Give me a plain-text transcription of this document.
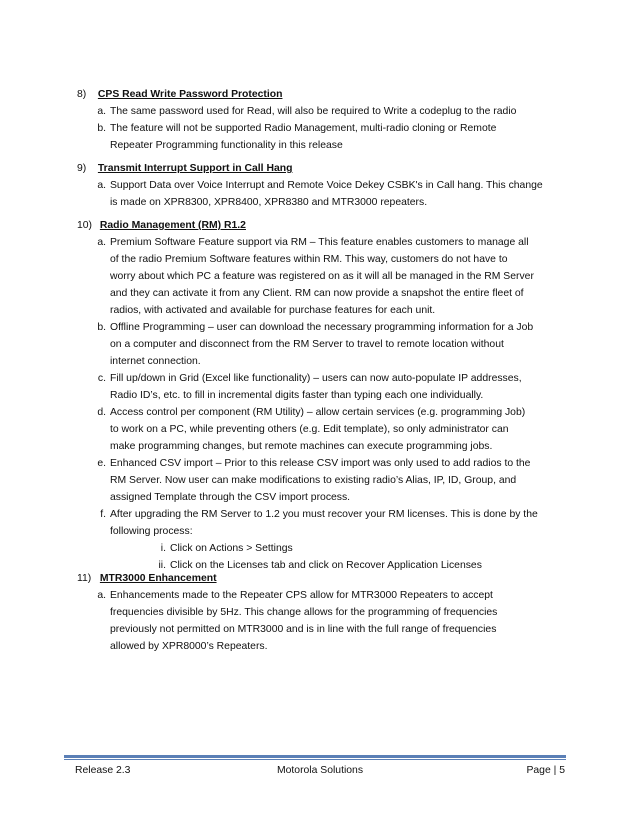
8) CPS Read Write Password Protection
a. The same password used for Read, will also be required to Write a codeplug to the radio
b. The feature will not be supported Radio Management, multi-radio cloning or Remote
Repeater Programming functionality in this release
9) Transmit Interrupt Support in Call Hang
a. Support Data over Voice Interrupt and Remote Voice Dekey CSBK's in Call hang. This change
is made on XPR8300, XPR8400, XPR8380 and MTR3000 repeaters.
10) Radio Management (RM) R1.2
a. Premium Software Feature support via RM – This feature enables customers to manage all
of the radio Premium Software features within RM. This way, customers do not have to
worry about which PC a feature was registered on as it will all be managed in the RM Server
and they can activate it from any Client. RM can now provide a snapshot the entire fleet of
radios, with activated and available for purchase features for each unit.
b. Offline Programming – user can download the necessary programming information for a Job
on a computer and disconnect from the RM Server to travel to remote location without
internet connection.
c. Fill up/down in Grid (Excel like functionality) – users can now auto-populate IP addresses,
Radio ID’s, etc. to fill in incremental digits faster than typing each one individually.
d. Access control per component (RM Utility) – allow certain services (e.g. programming Job)
to work on a PC, while preventing others (e.g. Edit template), so only administrator can
make programming changes, but remote machines can execute programming jobs.
e. Enhanced CSV import – Prior to this release CSV import was only used to add radios to the
RM Server. Now user can make modifications to existing radio’s Alias, IP, ID, Group, and
assigned Template through the CSV import process.
f. After upgrading the RM Server to 1.2 you must recover your RM licenses. This is done by the
following process:
i. Click on Actions > Settings
ii. Click on the Licenses tab and click on Recover Application Licenses
11) MTR3000 Enhancement
a. Enhancements made to the Repeater CPS allow for MTR3000 Repeaters to accept
frequencies divisible by 5Hz. This change allows for the programming of frequencies
previously not permitted on MTR3000 and is in line with the full range of frequencies
allowed by XPR8000’s Repeaters.
Release 2.3	Motorola Solutions	Page | 5
